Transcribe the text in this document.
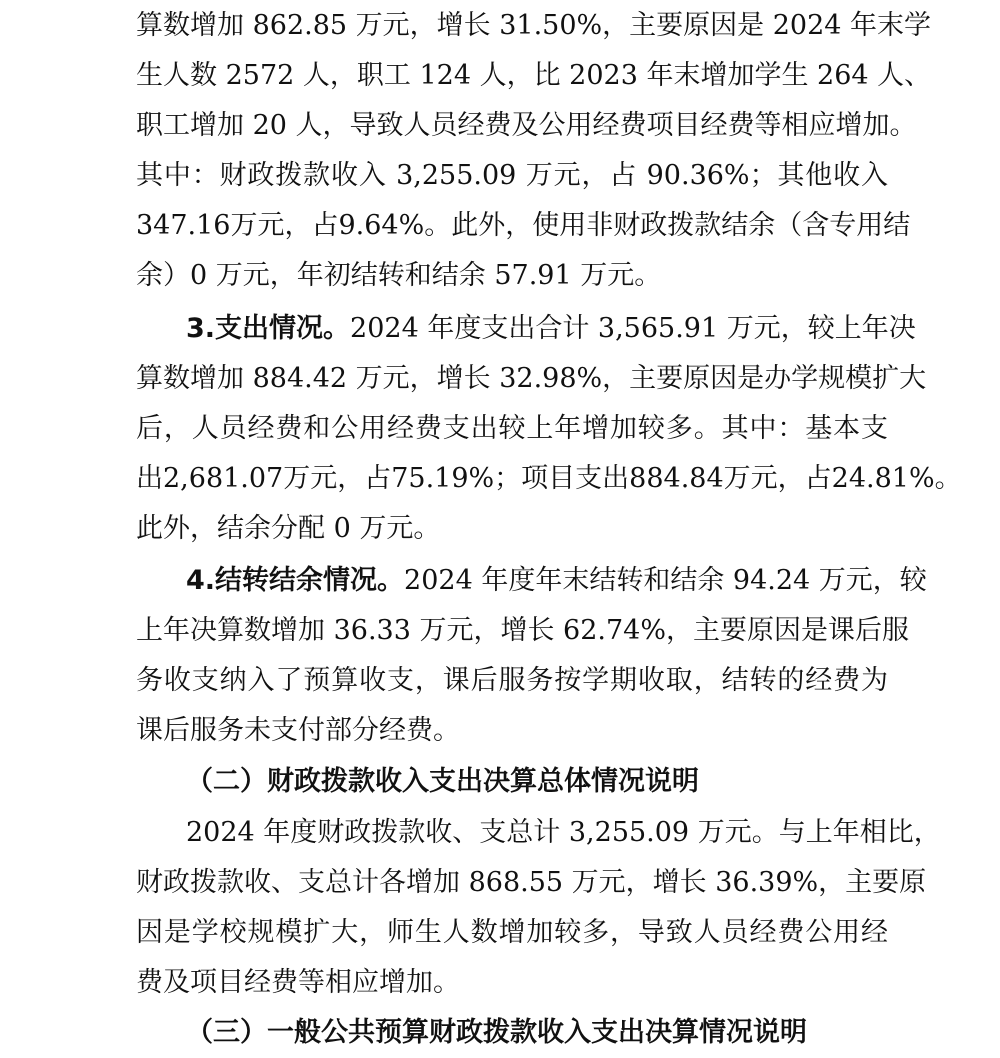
算数增加 862.85 万元，增长 31.50%，主要原因是 2024 年末学
生人数 2572 人，职工 124 人，比 2023 年末增加学生 264 人、
职工增加 20 人，导致人员经费及公用经费项目经费等相应增加。
其中：财政拨款收入 3,255.09 万元，占 90.36%；其他收入
347.16万元，占9.64%。此外，使用非财政拨款结余（含专用结
余）0 万元，年初结转和结余 57.91 万元。
3.支出情况。2024 年度支出合计 3,565.91 万元，较上年决
算数增加 884.42 万元，增长 32.98%，主要原因是办学规模扩大
后，人员经费和公用经费支出较上年增加较多。其中：基本支
出2,681.07万元，占75.19%；项目支出884.84万元，占24.81%。
此外，结余分配 0 万元。
4.结转结余情况。2024 年度年末结转和结余 94.24 万元，较
上年决算数增加 36.33 万元，增长 62.74%，主要原因是课后服
务收支纳入了预算收支，课后服务按学期收取，结转的经费为
课后服务未支付部分经费。
（二）财政拨款收入支出决算总体情况说明
2024 年度财政拨款收、支总计 3,255.09 万元。与上年相比，
财政拨款收、支总计各增加 868.55 万元，增长 36.39%，主要原
因是学校规模扩大，师生人数增加较多，导致人员经费公用经
费及项目经费等相应增加。
（三）一般公共预算财政拨款收入支出决算情况说明
